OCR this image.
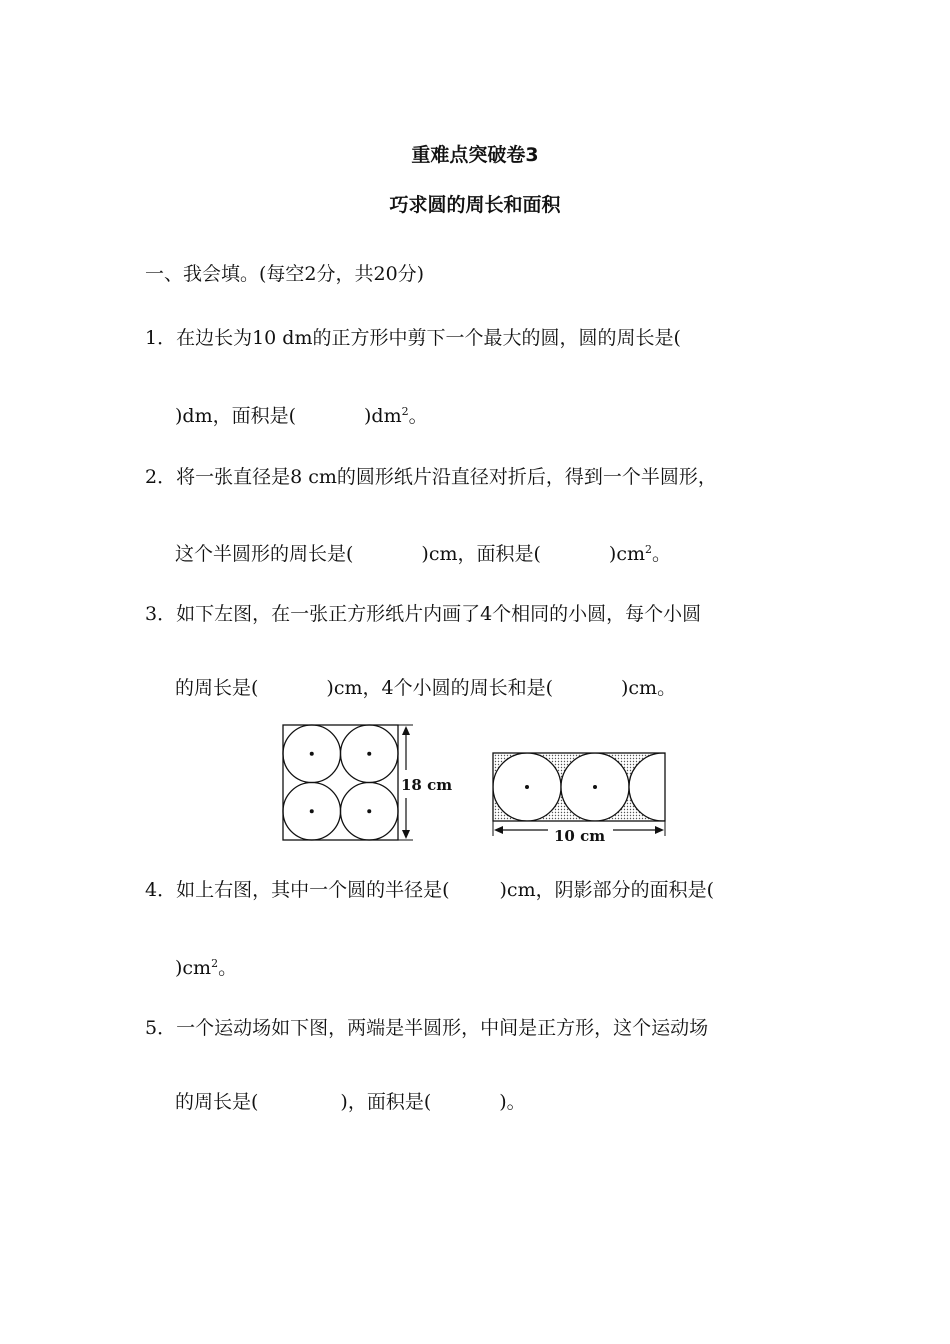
重难点突破卷3
巧求圆的周长和面积
一、我会填。(每空2分，共20分)
1．在边长为10 dm的正方形中剪下一个最大的圆，圆的周长是(
)dm，面积是(	)$dm^2$。
2．将一张直径是8 cm的圆形纸片沿直径对折后，得到一个半圆形，
这个半圆形的周长是(	)cm，面积是(	)$cm^2$。
3．如下左图，在一张正方形纸片内画了4个相同的小圆，每个小圆
的周长是(	)cm，4个小圆的周长和是(	)cm。
18 cm
10 cm
4．如上右图，其中一个圆的半径是(	)cm，阴影部分的面积是(
)$cm^2$。
5．一个运动场如下图，两端是半圆形，中间是正方形，这个运动场
的周长是(	)，面积是(	)。
